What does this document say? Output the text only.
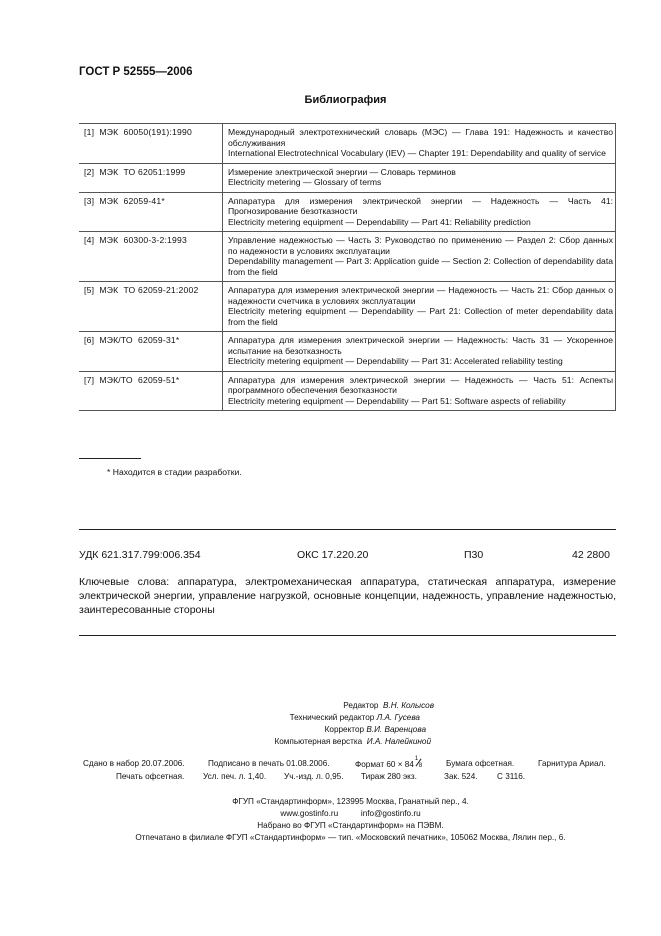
ГОСТ Р 52555—2006
Библиография
[1] МЭК  60050(191):1990	Международный электротехнический словарь (МЭС) — Глава 191: Надежность и качество обслуживания
International Electrotechnical Vocabulary (IEV) — Chapter 191: Dependability and quality of service

[2] МЭК  ТО 62051:1999	Измерение электрической энергии — Словарь терминов
Electricity metering — Glossary of terms

[3] МЭК  62059-41*	Аппаратура для измерения электрической энергии — Надежность — Часть 41: Прогнозирование безотказности
Electricity metering equipment — Dependability — Part 41: Reliability prediction

[4] МЭК  60300-3-2:1993	Управление надежностью — Часть 3: Руководство по применению — Раздел 2: Сбор данных по надежности в условиях эксплуатации
Dependability management — Part 3: Application guide — Section 2: Collection of dependability data from the field

[5] МЭК  ТО 62059-21:2002	Аппаратура для измерения электрической энергии — Надежность — Часть 21: Сбор данных о надежности счетчика в условиях эксплуатации
Electricity metering equipment — Dependability — Part 21: Collection of meter dependability data from the field

[6] МЭК/ТО  62059-31*	Аппаратура для измерения электрической энергии — Надежность: Часть 31 — Ускоренное испытание на безотказность
Electricity metering equipment — Dependability — Part 31: Accelerated reliability testing

[7] МЭК/ТО  62059-51*	Аппаратура для измерения электрической энергии — Надежность — Часть 51: Аспекты программного обеспечения безотказности
Electricity metering equipment — Dependability — Part 51: Software aspects of reliability
* Находится в стадии разработки.
УДК 621.317.799:006.354	ОКС 17.220.20	П30	42 2800
Ключевые слова: аппаратура, электромеханическая аппаратура, статическая аппаратура, измерение электрической энергии, управление нагрузкой, основные концепции, надежность, управление надежностью, заинтересованные стороны
Редактор В.Н. Колысов
Технический редактор Л.А. Гусева
Корректор В.И. Варенцова
Компьютерная верстка И.А. Налейкиной
Сдано в набор 20.07.2006.	Подписано в печать 01.08.2006.	Формат 60 × 84
1
8	Бумага офсетная.	Гарнитура Ариал.
Печать офсетная. Усл. печ. л. 1,40. Уч.-изд. л. 0,95. Тираж 280 экз.	Зак. 524. С 3116.
ФГУП «Стандартинформ», 123995 Москва, Гранатный пер., 4.
www.gostinfo.ru	info@gostinfo.ru
Набрано во ФГУП «Стандартинформ» на ПЭВМ.
Отпечатано в филиале ФГУП «Стандартинформ» — тип. «Московский печатник», 105062 Москва, Лялин пер., 6.
